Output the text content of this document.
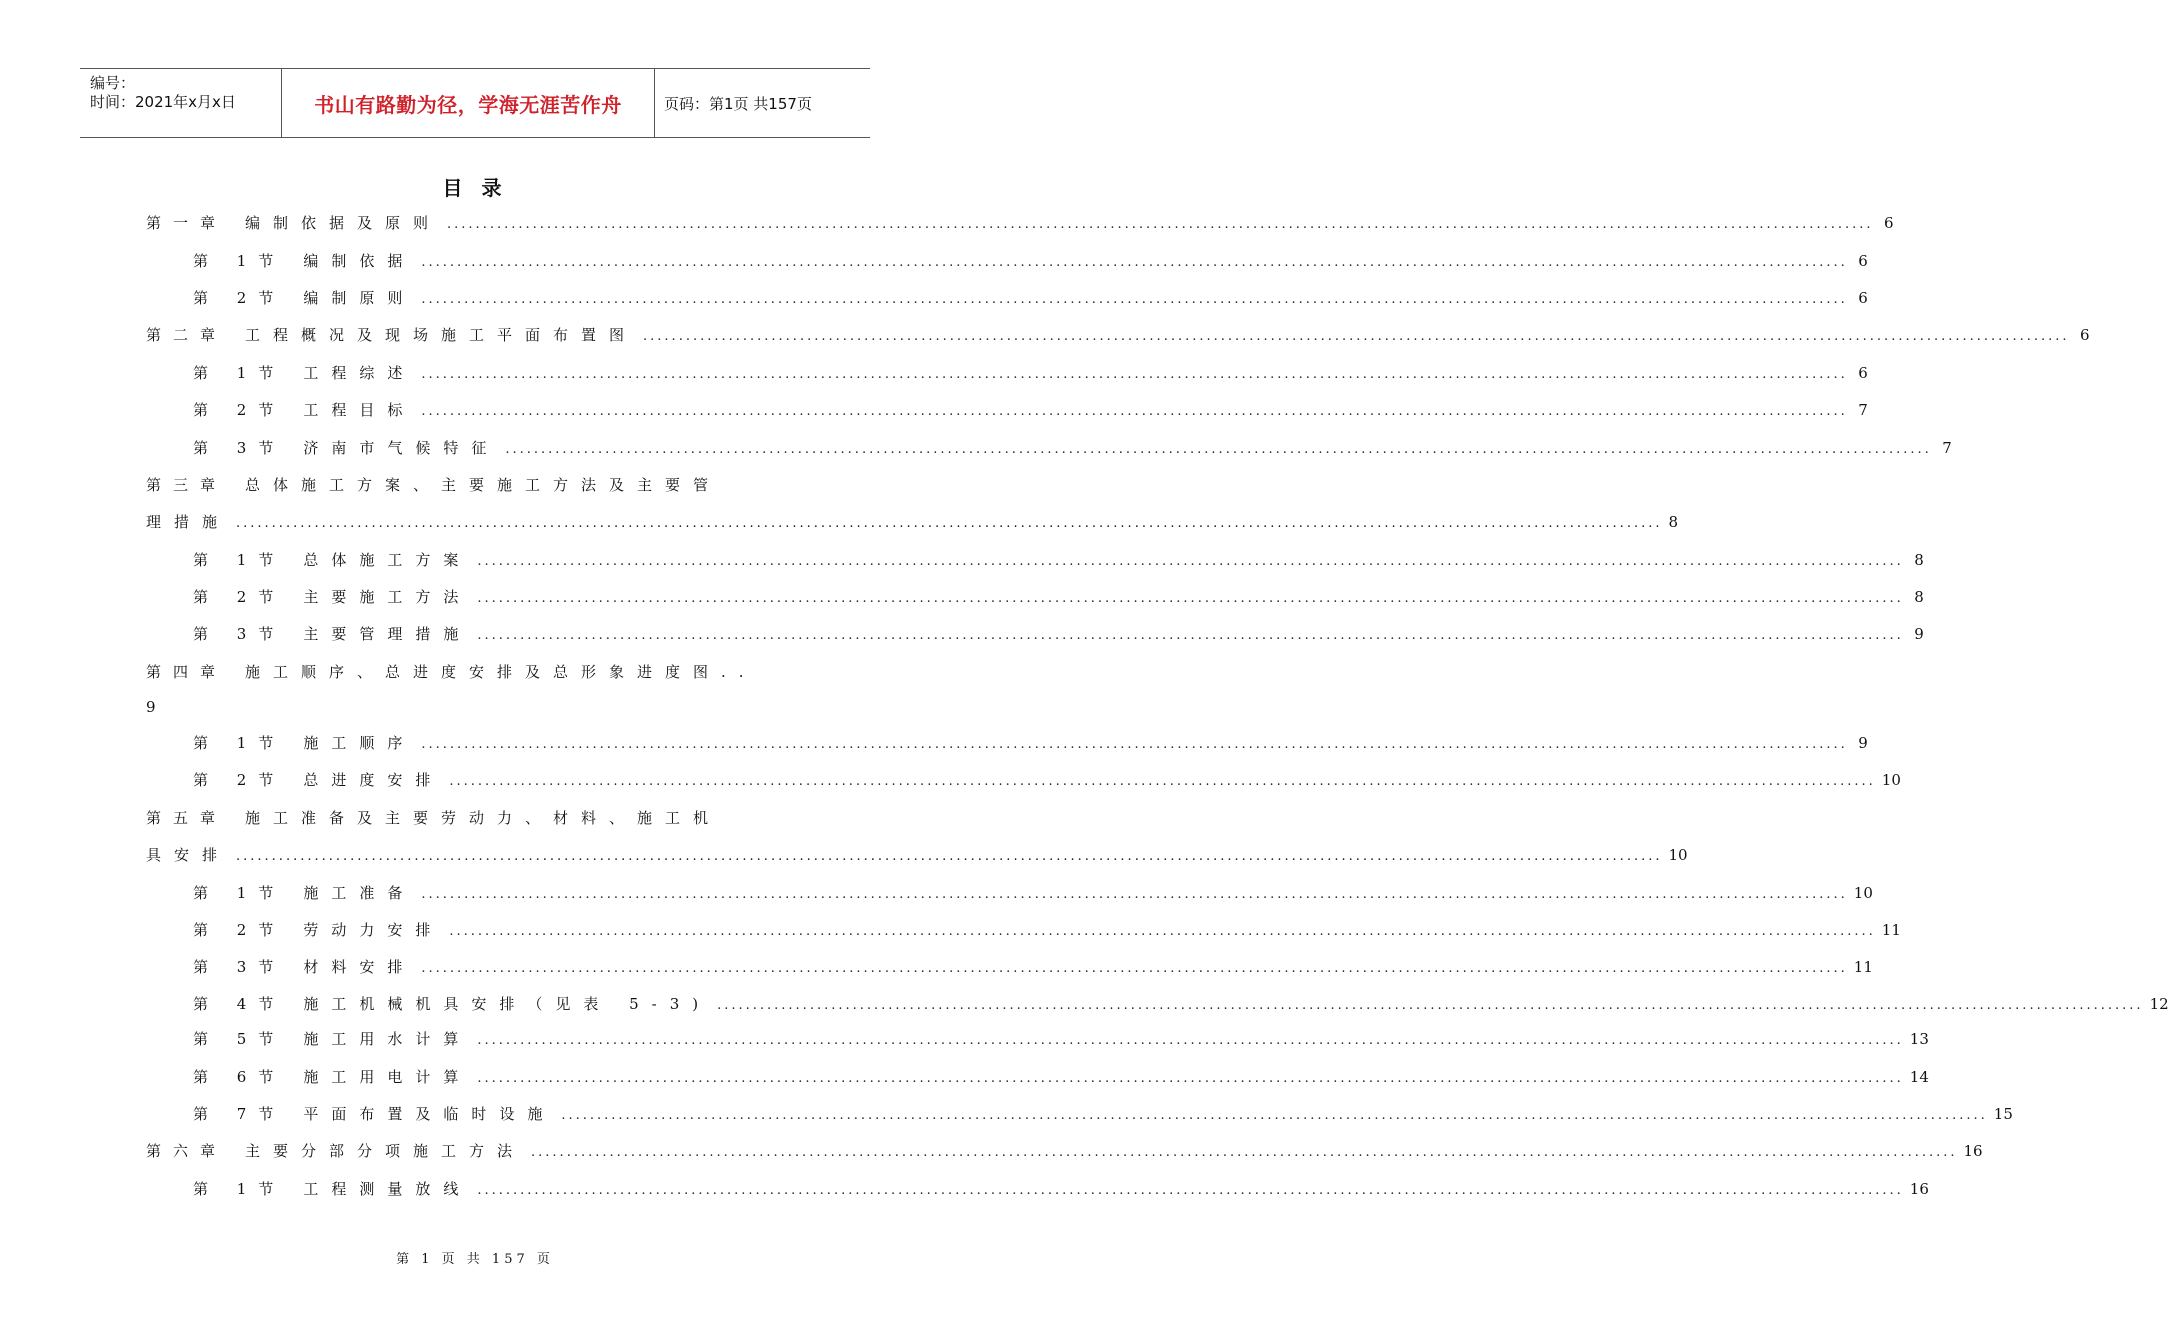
编号：
时间：2021年x月x日	书山有路勤为径，学海无涯苦作舟	页码：第1页 共157页
目 录
第一章 编制依据及原则 ........................................................................................................................................................................................................ 6
第 1节 编制依据 ........................................................................................................................................................................................................ 6
第 2节 编制原则 ........................................................................................................................................................................................................ 6
第二章 工程概况及现场施工平面布置图 ........................................................................................................................................................................................................ 6
第 1节 工程综述 ........................................................................................................................................................................................................ 6
第 2节 工程目标 ........................................................................................................................................................................................................ 7
第 3节 济南市气候特征 ........................................................................................................................................................................................................ 7
第三章 总体施工方案、主要施工方法及主要管
理措施 ........................................................................................................................................................................................................ 8
第 1节 总体施工方案 ........................................................................................................................................................................................................ 8
第 2节 主要施工方法 ........................................................................................................................................................................................................ 8
第 3节 主要管理措施 ........................................................................................................................................................................................................ 9
第四章 施工顺序、总进度安排及总形象进度图..
9
第 1节 施工顺序 ........................................................................................................................................................................................................ 9
第 2节 总进度安排 ........................................................................................................................................................................................................ 10
第五章 施工准备及主要劳动力、材料、施工机
具安排 ........................................................................................................................................................................................................ 10
第 1节 施工准备 ........................................................................................................................................................................................................ 10
第 2节 劳动力安排 ........................................................................................................................................................................................................ 11
第 3节 材料安排 ........................................................................................................................................................................................................ 11
第 4节 施工机械机具安排（见表 5-3) ........................................................................................................................................................................................................ 12
第 5节 施工用水计算 ........................................................................................................................................................................................................ 13
第 6节 施工用电计算 ........................................................................................................................................................................................................ 14
第 7节 平面布置及临时设施 ........................................................................................................................................................................................................ 15
第六章 主要分部分项施工方法 ........................................................................................................................................................................................................ 16
第 1节 工程测量放线 ........................................................................................................................................................................................................ 16
第 1 页 共 157 页
